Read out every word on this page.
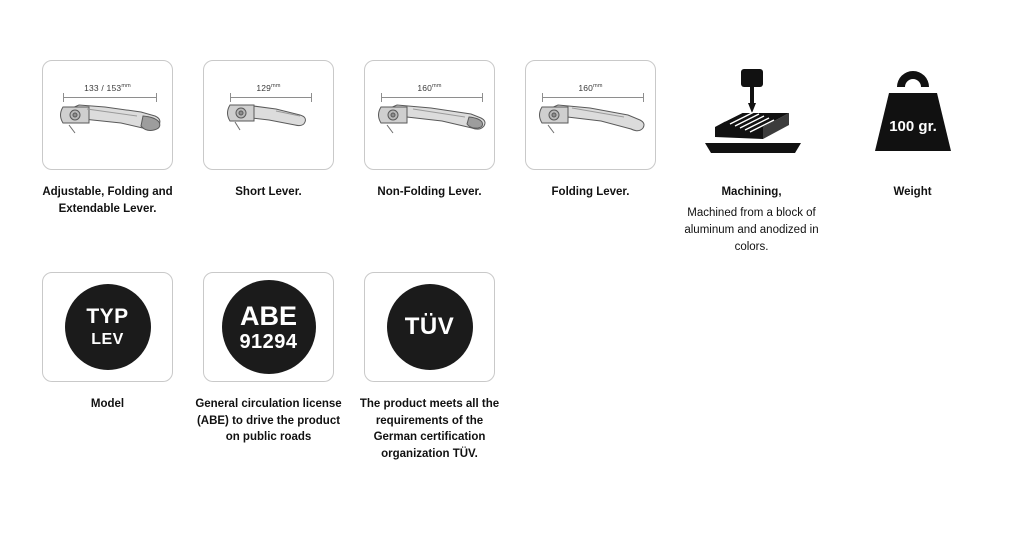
$133 / 153^{mm}$
Adjustable, Folding and Extendable Lever.
$129^{mm}$
Short Lever.
$160^{mm}$
Non-Folding Lever.
$160^{mm}$
Folding Lever.	Machining,
Machined from a block of aluminum and anodized in colors.
100 gr.
Weight
TYP
LEV
Model
ABE
91294
General circulation license (ABE) to drive the product on public roads
TÜV
The product meets all the requirements of the German certification organization TÜV.
